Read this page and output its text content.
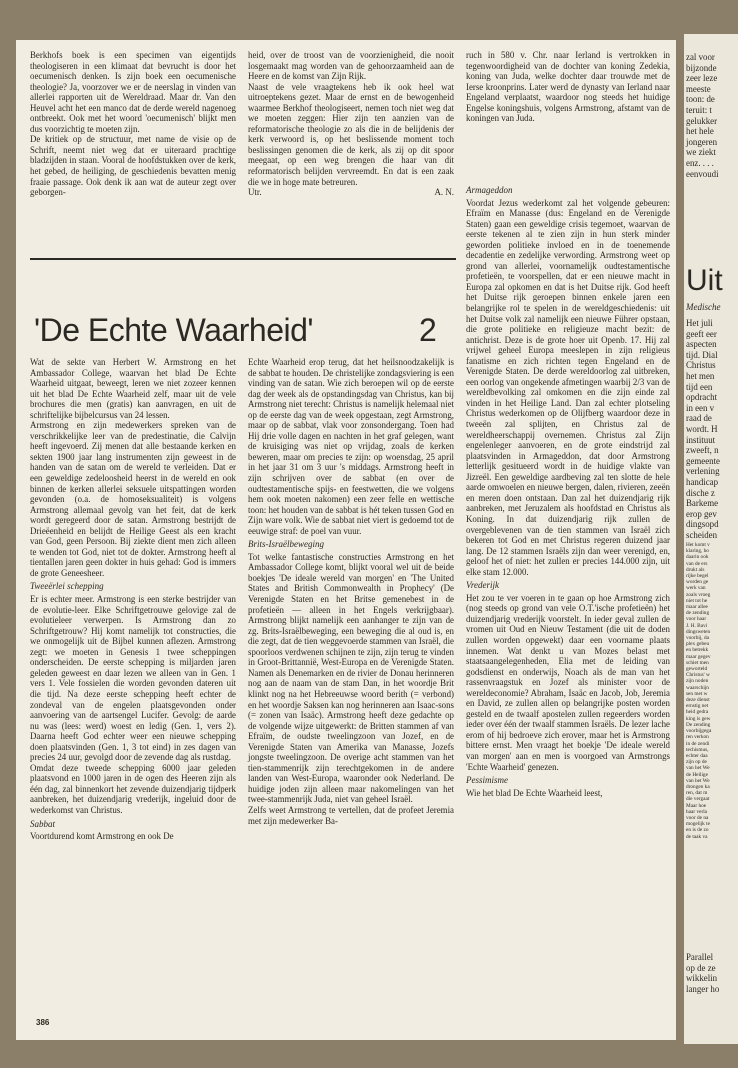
Berkhofs boek is een specimen van eigentijds theologiseren in een klimaat dat bevrucht is door het oecumenisch denken. Is zijn boek een oecumenische theologie? Ja, voorzover we er de neerslag in vinden van allerlei rapporten uit de Wereldraad. Maar dr. Van den Heuvel acht het een manco dat de derde wereld nagenoeg ontbreekt. Ook met het woord 'oecumenisch' blijkt men dus voorzichtig te moeten zijn.

De kritiek op de structuur, met name de visie op de Schrift, neemt niet weg dat er uiteraard prachtige bladzijden in staan. Vooral de hoofdstukken over de kerk, het gebed, de heiliging, de geschiedenis bevatten menig fraaie passage. Ook denk ik aan wat de auteur zegt over geborgen-

heid, over de troost van de voorzienigheid, die nooit losgemaakt mag worden van de gehoorzaamheid aan de Heere en de komst van Zijn Rijk.

Naast de vele vraagtekens heb ik ook heel wat uitroeptekens gezet. Maar de ernst en de bewogenheid waarmee Berkhof theologiseert, nemen toch niet weg dat we moeten zeggen: Hier zijn ten aanzien van de reformatorische theologie zo als die in de belijdenis der kerk verwoord is, op het beslissende moment toch beslissingen genomen die de kerk, als zij op dit spoor meegaat, op een weg brengen die haar van dit reformatorisch belijden vervreemdt. En dat is een zaak die we in hoge mate betreuren.

Utr.	A. N.

ruch in 580 v. Chr. naar Ierland is vertrokken in tegenwoordigheid van de dochter van koning Zedekia, koning van Juda, welke dochter daar trouwde met de Ierse kroonprins. Later werd de dynasty van Ierland naar Engeland verplaatst, waardoor nog steeds het huidige Engelse koningshuis, volgens Armstrong, afstamt van de koningen van Juda.

'De Echte Waarheid'	2

Wat de sekte van Herbert W. Armstrong en het Ambassador College, waarvan het blad De Echte Waarheid uitgaat, beweegt, leren we niet zozeer kennen uit het blad De Echte Waarheid zelf, maar uit de vele brochures die men (gratis) kan aanvragen, en uit de schriftelijke bijbelcursus van 24 lessen.

Armstrong en zijn medewerkers spreken van de verschrikkelijke leer van de predestinatie, die Calvijn heeft ingevoerd. Zij menen dat alle bestaande kerken en sekten 1900 jaar lang instrumenten zijn geweest in de handen van de satan om de wereld te verleiden. Dat er een geweldige zedeloosheid heerst in de wereld en ook binnen de kerken allerlei seksuele uitspattingen worden gevonden (o.a. de homoseksualiteit) is volgens Armstrong allemaal gevolg van het feit, dat de kerk wordt geregeerd door de satan. Armstrong bestrijdt de Drieëenheid en belijdt de Heilige Geest als een kracht van God, geen Persoon. Bij ziekte dient men zich alleen te wenden tot God, niet tot de dokter. Armstrong heeft al tientallen jaren geen dokter in huis gehad: God is immers de grote Geneesheer.

Tweeërlei schepping

Er is echter meer. Armstrong is een sterke bestrijder van de evolutie-leer. Elke Schriftgetrouwe gelovige zal de evolutieleer verwerpen. Is Armstrong dan zo Schriftgetrouw? Hij komt namelijk tot constructies, die we onmogelijk uit de Bijbel kunnen aflezen. Armstrong zegt: we moeten in Genesis 1 twee scheppingen onderscheiden. De eerste schepping is miljarden jaren geleden geweest en daar lezen we alleen van in Gen. 1 vers 1. Vele fossielen die worden gevonden dateren uit die tijd. Na deze eerste schepping heeft echter de zondeval van de engelen plaatsgevonden onder aanvoering van de aartsengel Lucifer. Gevolg: de aarde nu was (lees: werd) woest en ledig (Gen. 1, vers 2). Daarna heeft God echter weer een nieuwe schepping doen plaatsvinden (Gen. 1, 3 tot eind) in zes dagen van precies 24 uur, gevolgd door de zevende dag als rustdag.

Omdat deze tweede schepping 6000 jaar geleden plaatsvond en 1000 jaren in de ogen des Heeren zijn als één dag, zal binnenkort het zevende duizendjarig tijdperk aanbreken, het duizendjarig vrederijk, ingeluid door de wederkomst van Christus.

Sabbat

Voortdurend komt Armstrong en ook De

Echte Waarheid erop terug, dat het heilsnoodzakelijk is de sabbat te houden. De christelijke zondagsviering is een vinding van de satan. Wie zich beroepen wil op de eerste dag der week als de opstandingsdag van Christus, kan bij Armstrong niet terecht: Christus is namelijk helemaal niet op de eerste dag van de week opgestaan, zegt Armstrong, maar op de sabbat, vlak voor zonsondergang. Toen had Hij drie volle dagen en nachten in het graf gelegen, want de kruisiging was niet op vrijdag, zoals de kerken beweren, maar om precies te zijn: op woensdag, 25 april in het jaar 31 om 3 uur 's middags. Armstrong heeft in zijn schrijven over de sabbat (en over de oudtestamentische spijs- en feestwetten, die we volgens hem ook moeten nakomen) een zeer felle en wettische toon: het houden van de sabbat is hét teken tussen God en Zijn ware volk. Wie de sabbat niet viert is gedoemd tot de eeuwige straf: de poel van vuur.

Brits-Israëlbeweging

Tot welke fantastische constructies Armstrong en het Ambassador College komt, blijkt vooral wel uit de beide boekjes 'De ideale wereld van morgen' en 'The United States and British Commonwealth in Prophecy' (De Verenigde Staten en het Britse gemenebest in de profetieën — alleen in het Engels verkrijgbaar). Armstrong blijkt namelijk een aanhanger te zijn van de zg. Brits-Israëlbeweging, een beweging die al oud is, en die zegt, dat de tien weggevoerde stammen van Israël, die spoorloos verdwenen schijnen te zijn, zijn terug te vinden in Groot-Brittannië, West-Europa en de Verenigde Staten. Namen als Denemarken en de rivier de Donau herinneren nog aan de naam van de stam Dan, in het woordje Brit klinkt nog na het Hebreeuwse woord berith (= verbond) en het woordje Saksen kan nog herinneren aan Isaac-sons (= zonen van Isaäc). Armstrong heeft deze gedachte op de volgende wijze uitgewerkt: de Britten stammen af van Efraïm, de oudste tweelingzoon van Jozef, en de Verenigde Staten van Amerika van Manasse, Jozefs jongste tweelingzoon. De overige acht stammen van het tien-stammenrijk zijn terechtgekomen in de andere landen van West-Europa, waaronder ook Nederland. De huidige joden zijn alleen maar nakomelingen van het twee-stammenrijk Juda, niet van geheel Israël.

Zelfs weet Armstrong te vertellen, dat de profeet Jeremia met zijn medewerker Ba-

Armageddon

Voordat Jezus wederkomt zal het volgende gebeuren: Efraïm en Manasse (dus: Engeland en de Verenigde Staten) gaan een geweldige crisis tegemoet, waarvan de eerste tekenen al te zien zijn in hun sterk minder geworden politieke invloed en in de toenemende decadentie en zedelijke verwording. Armstrong weet op grond van allerlei, voornamelijk oudtestamentische profetieën, te voorspellen, dat er een nieuwe macht in Europa zal opkomen en dat is het Duitse rijk. God heeft het Duitse rijk geroepen binnen enkele jaren een belangrijke rol te spelen in de wereldgeschiedenis: uit het Duitse volk zal namelijk een nieuwe Führer opstaan, die grote politieke en religieuze macht bezit: de antichrist. Deze is de grote hoer uit Openb. 17. Hij zal vrijwel geheel Europa meeslepen in zijn religieus fanatisme en zich richten tegen Engeland en de Verenigde Staten. De derde wereldoorlog zal uitbreken, een oorlog van ongekende afmetingen waarbij 2/3 van de wereldbevolking zal omkomen en die zijn einde zal vinden in het Heilige Land. Dan zal echter plotseling Christus wederkomen op de Olijfberg waardoor deze in tweeën zal splijten, en Christus zal de wereldheerschappij overnemen. Christus zal Zijn engelenleger aanvoeren, en de grote eindstrijd zal plaatsvinden in Armageddon, dat door Armstrong letterlijk gesitueerd wordt in de huidige vlakte van Jizreël. Een geweldige aardbeving zal ten slotte de hele aarde omwoelen en nieuwe bergen, dalen, rivieren, zeeën en meren doen ontstaan. Dan zal het duizendjarig rijk aanbreken, met Jeruzalem als hoofdstad en Christus als Koning. In dat duizendjarig rijk zullen de overgeblevenen van de tien stammen van Israël zich bekeren tot God en met Christus regeren duizend jaar lang. De 12 stammen Israëls zijn dan weer verenigd, en, geloof het of niet: het zullen er precies 144.000 zijn, uit elke stam 12.000.

Vrederijk

Het zou te ver voeren in te gaan op hoe Armstrong zich (nog steeds op grond van vele O.T.'ische profetieën) het duizendjarig vrederijk voorstelt. In ieder geval zullen de vromen uit Oud en Nieuw Testament (die uit de doden zullen worden opgewekt) daar een voorname plaats innemen. Wat denkt u van Mozes belast met staatsaangelegenheden, Elia met de leiding van godsdienst en onderwijs, Noach als de man van het rassenvraagstuk en Jozef als minister voor de wereldeconomie? Abraham, Isaäc en Jacob, Job, Jeremia en David, ze zullen allen op belangrijke posten worden gesteld en de twaalf apostelen zullen regeerders worden ieder over één der twaalf stammen Israëls. De lezer lache erom of hij bedroeve zich erover, maar het is Armstrong bittere ernst. Men vraagt het boekje 'De ideale wereld van morgen' aan en men is voorgoed van Armstrongs 'Echte Waarheid' genezen.

Pessimisme

Wie het blad De Echte Waarheid leest,

386
zal voor
bijzonde
zeer leze
meeste
toon: de
teruit: t
gelukker
het hele
jongeren
we ziekt
enz. . . .
eenvoudi
Uit
Medische
Het juli
geeft eer
aspecten
tijd. Dial
Christus
het men
tijd een
opdracht
in een v
raad de
wordt. H
instituut
zweeft, n
gemeente
verlening
handicap
dische z
Barkeme
erop gev
dingsopd
scheiden
Het komt v
klaring, ho
daarin ook
van de ers
drukt als
rijke begel
worden ge
werk van
zoals vroeg
niet tot he
maar allee
de zending
voor haar
J. H. Bavi
dingsweten
voorbij, da
plex gebeu
en betrekk
maar gegev
schiet men
geworteld
Christus' w
zijn noden
waarschijn
sen met w
deze dienst
ernstig net
heid gedra
king is gew
De zending
voorbijgega
ren verkon
in de zendi
techismus,
echter daa
zijn op de
van het We
de Heilige
van het We
drongen ka
ren, dat m
die vergaat
Maar hoe
haar verla
voor de na
mogelijk te
en is de zo
de taak va
Parallel
op de ze
wikkelin
langer ho
